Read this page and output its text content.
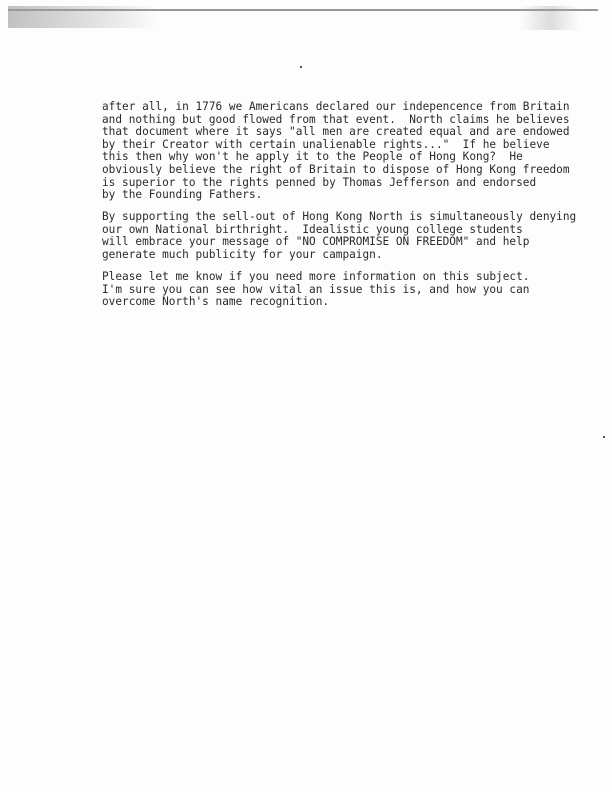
after all, in 1776 we Americans declared our indepencence from Britain
and nothing but good flowed from that event.  North claims he believes
that document where it says "all men are created equal and are endowed
by their Creator with certain unalienable rights..."  If he believe
this then why won't he apply it to the People of Hong Kong?  He
obviously believe the right of Britain to dispose of Hong Kong freedom
is superior to the rights penned by Thomas Jefferson and endorsed
by the Founding Fathers.
By supporting the sell-out of Hong Kong North is simultaneously denying
our own National birthright.  Idealistic young college students
will embrace your message of "NO COMPROMISE ON FREEDOM" and help
generate much publicity for your campaign.
Please let me know if you need more information on this subject.
I'm sure you can see how vital an issue this is, and how you can
overcome North's name recognition.
